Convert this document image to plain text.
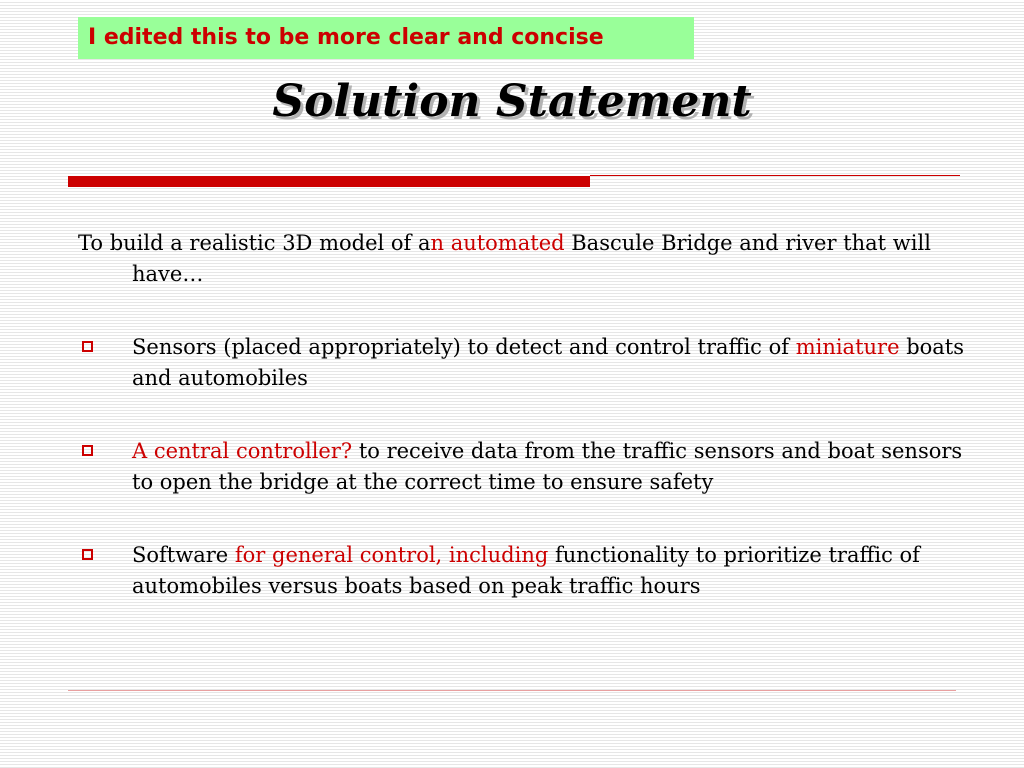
I edited this to be more clear and concise
Solution Statement

To build a realistic 3D model of an automated Bascule Bridge and river that will have…

Sensors (placed appropriately) to detect and control traffic of miniature boats and automobiles

A central controller? to receive data from the traffic sensors and boat sensors to open the bridge at the correct time to ensure safety

Software for general control, including functionality to prioritize traffic of automobiles versus boats based on peak traffic hours
